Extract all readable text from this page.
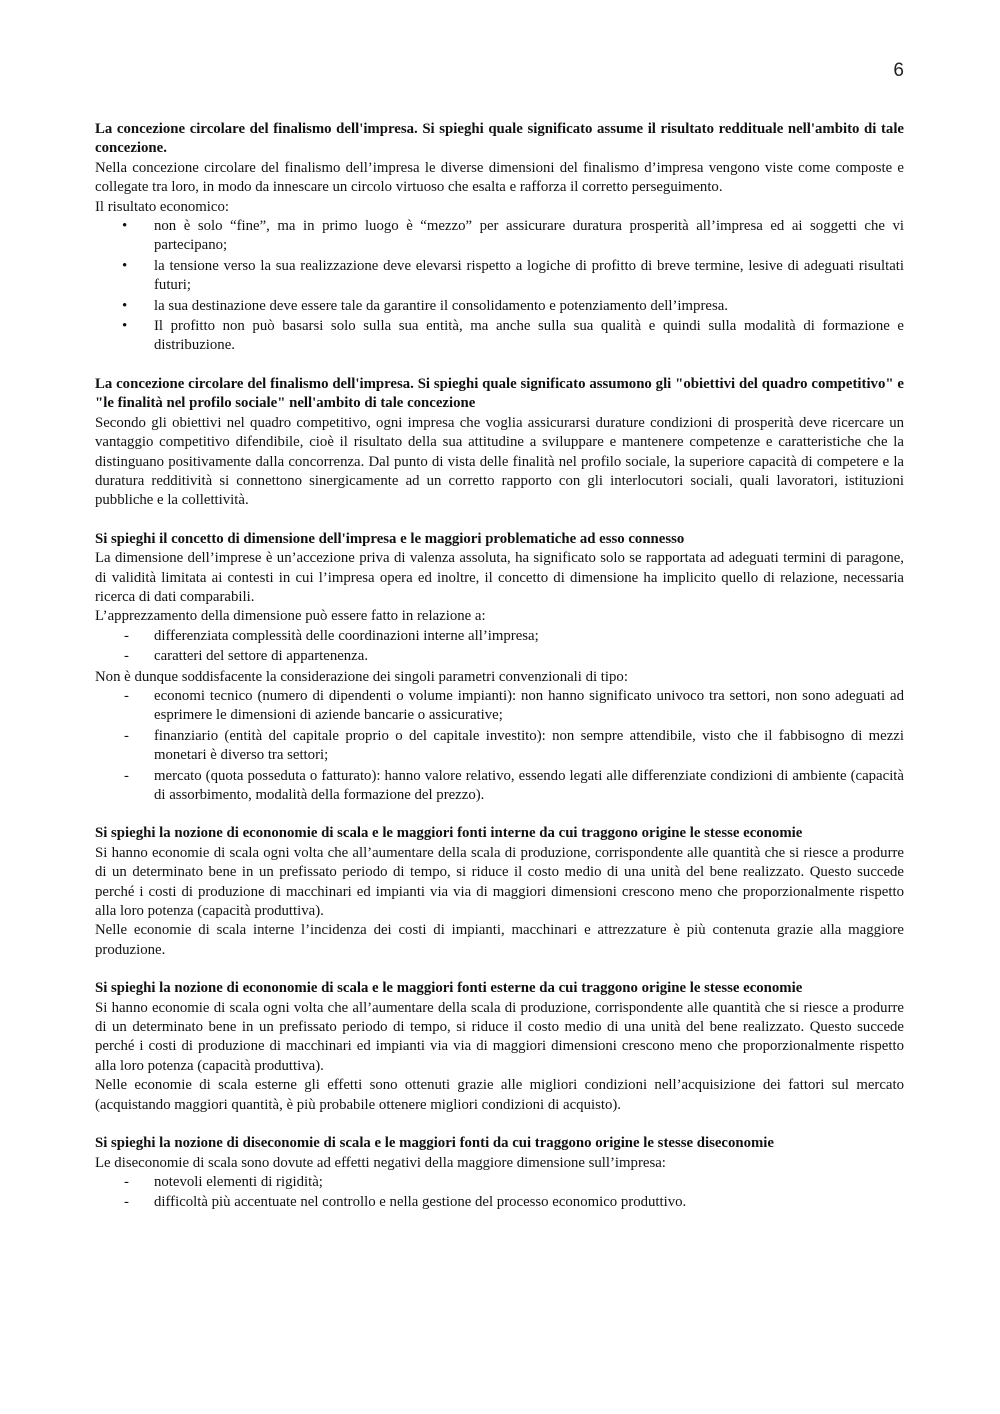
6
La concezione circolare del finalismo dell'impresa. Si spieghi quale significato assume il risultato reddituale nell'ambito di tale concezione.

Nella concezione circolare del finalismo dell’impresa le diverse dimensioni del finalismo d’impresa vengono viste come composte e collegate tra loro, in modo da innescare un circolo virtuoso che esalta e rafforza il corretto perseguimento.

Il risultato economico:

• non è solo “fine”, ma in primo luogo è “mezzo” per assicurare duratura prosperità all’impresa ed ai soggetti che vi partecipano;
• la tensione verso la sua realizzazione deve elevarsi rispetto a logiche di profitto di breve termine, lesive di adeguati risultati futuri;
• la sua destinazione deve essere tale da garantire il consolidamento e potenziamento dell’impresa.
• Il profitto non può basarsi solo sulla sua entità, ma anche sulla sua qualità e quindi sulla modalità di formazione e distribuzione.
La concezione circolare del finalismo dell'impresa. Si spieghi quale significato assumono gli "obiettivi del quadro competitivo" e "le finalità nel profilo sociale" nell'ambito di tale concezione

Secondo gli obiettivi nel quadro competitivo, ogni impresa che voglia assicurarsi durature condizioni di prosperità deve ricercare un vantaggio competitivo difendibile, cioè il risultato della sua attitudine a sviluppare e mantenere competenze e caratteristiche che la distinguano positivamente dalla concorrenza. Dal punto di vista delle finalità nel profilo sociale, la superiore capacità di competere e la duratura redditività si connettono sinergicamente ad un corretto rapporto con gli interlocutori sociali, quali lavoratori, istituzioni pubbliche e la collettività.

Si spieghi il concetto di dimensione dell'impresa e le maggiori problematiche ad esso connesso

La dimensione dell’imprese è un’accezione priva di valenza assoluta, ha significato solo se rapportata ad adeguati termini di paragone, di validità limitata ai contesti in cui l’impresa opera ed inoltre, il concetto di dimensione ha implicito quello di relazione, necessaria ricerca di dati comparabili.

L’apprezzamento della dimensione può essere fatto in relazione a:

- differenziata complessità delle coordinazioni interne all’impresa;
- caratteri del settore di appartenenza.

Non è dunque soddisfacente la considerazione dei singoli parametri convenzionali di tipo:

- economi tecnico (numero di dipendenti o volume impianti): non hanno significato univoco tra settori, non sono adeguati ad esprimere le dimensioni di aziende bancarie o assicurative;
- finanziario (entità del capitale proprio o del capitale investito): non sempre attendibile, visto che il fabbisogno di mezzi monetari è diverso tra settori;
- mercato (quota posseduta o fatturato): hanno valore relativo, essendo legati alle differenziate condizioni di ambiente (capacità di assorbimento, modalità della formazione del prezzo).
Si spieghi la nozione di econonomie di scala e le maggiori fonti interne da cui traggono origine le stesse economie

Si hanno economie di scala ogni volta che all’aumentare della scala di produzione, corrispondente alle quantità che si riesce a produrre di un determinato bene in un prefissato periodo di tempo, si riduce il costo medio di una unità del bene realizzato. Questo succede perché i costi di produzione di macchinari ed impianti via via di maggiori dimensioni crescono meno che proporzionalmente rispetto alla loro potenza (capacità produttiva).

Nelle economie di scala interne l’incidenza dei costi di impianti, macchinari e attrezzature è più contenuta grazie alla maggiore produzione.

Si spieghi la nozione di econonomie di scala e le maggiori fonti esterne da cui traggono origine le stesse economie

Si hanno economie di scala ogni volta che all’aumentare della scala di produzione, corrispondente alle quantità che si riesce a produrre di un determinato bene in un prefissato periodo di tempo, si riduce il costo medio di una unità del bene realizzato. Questo succede perché i costi di produzione di macchinari ed impianti via via di maggiori dimensioni crescono meno che proporzionalmente rispetto alla loro potenza (capacità produttiva).

Nelle economie di scala esterne gli effetti sono ottenuti grazie alle migliori condizioni nell’acquisizione dei fattori sul mercato (acquistando maggiori quantità, è più probabile ottenere migliori condizioni di acquisto).

Si spieghi la nozione di diseconomie di scala e le maggiori fonti da cui traggono origine le stesse diseconomie

Le diseconomie di scala sono dovute ad effetti negativi della maggiore dimensione sull’impresa:

- notevoli elementi di rigidità;
- difficoltà più accentuate nel controllo e nella gestione del processo economico produttivo.
